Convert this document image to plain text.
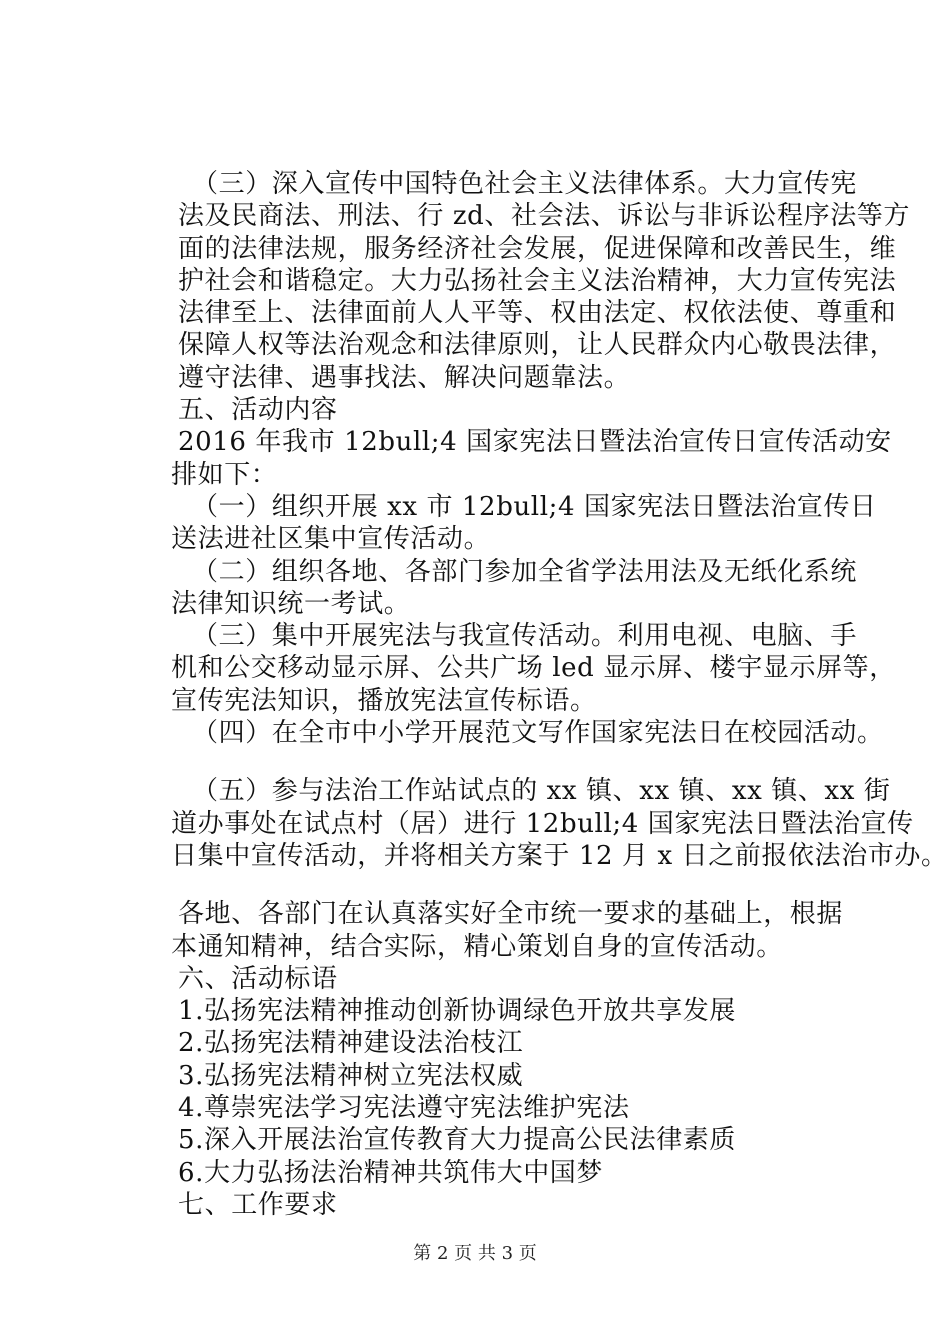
（三）深入宣传中国特色社会主义法律体系。大力宣传宪
法及民商法、刑法、行 zd、社会法、诉讼与非诉讼程序法等方
面的法律法规，服务经济社会发展，促进保障和改善民生，维
护社会和谐稳定。大力弘扬社会主义法治精神，大力宣传宪法
法律至上、法律面前人人平等、权由法定、权依法使、尊重和
保障人权等法治观念和法律原则，让人民群众内心敬畏法律，
遵守法律、遇事找法、解决问题靠法。
五、活动内容
2016 年我市 12bull;4 国家宪法日暨法治宣传日宣传活动安
排如下：
（一）组织开展 xx 市 12bull;4 国家宪法日暨法治宣传日
送法进社区集中宣传活动。
（二）组织各地、各部门参加全省学法用法及无纸化系统
法律知识统一考试。
（三）集中开展宪法与我宣传活动。利用电视、电脑、手
机和公交移动显示屏、公共广场 led 显示屏、楼宇显示屏等，
宣传宪法知识，播放宪法宣传标语。
（四）在全市中小学开展范文写作国家宪法日在校园活动。
（五）参与法治工作站试点的 xx 镇、xx 镇、xx 镇、xx 街
道办事处在试点村（居）进行 12bull;4 国家宪法日暨法治宣传
日集中宣传活动，并将相关方案于 12 月 x 日之前报依法治市办。
各地、各部门在认真落实好全市统一要求的基础上，根据
本通知精神，结合实际，精心策划自身的宣传活动。
六、活动标语
1.弘扬宪法精神推动创新协调绿色开放共享发展
2.弘扬宪法精神建设法治枝江
3.弘扬宪法精神树立宪法权威
4.尊崇宪法学习宪法遵守宪法维护宪法
5.深入开展法治宣传教育大力提高公民法律素质
6.大力弘扬法治精神共筑伟大中国梦
七、工作要求
第 2 页 共 3 页
